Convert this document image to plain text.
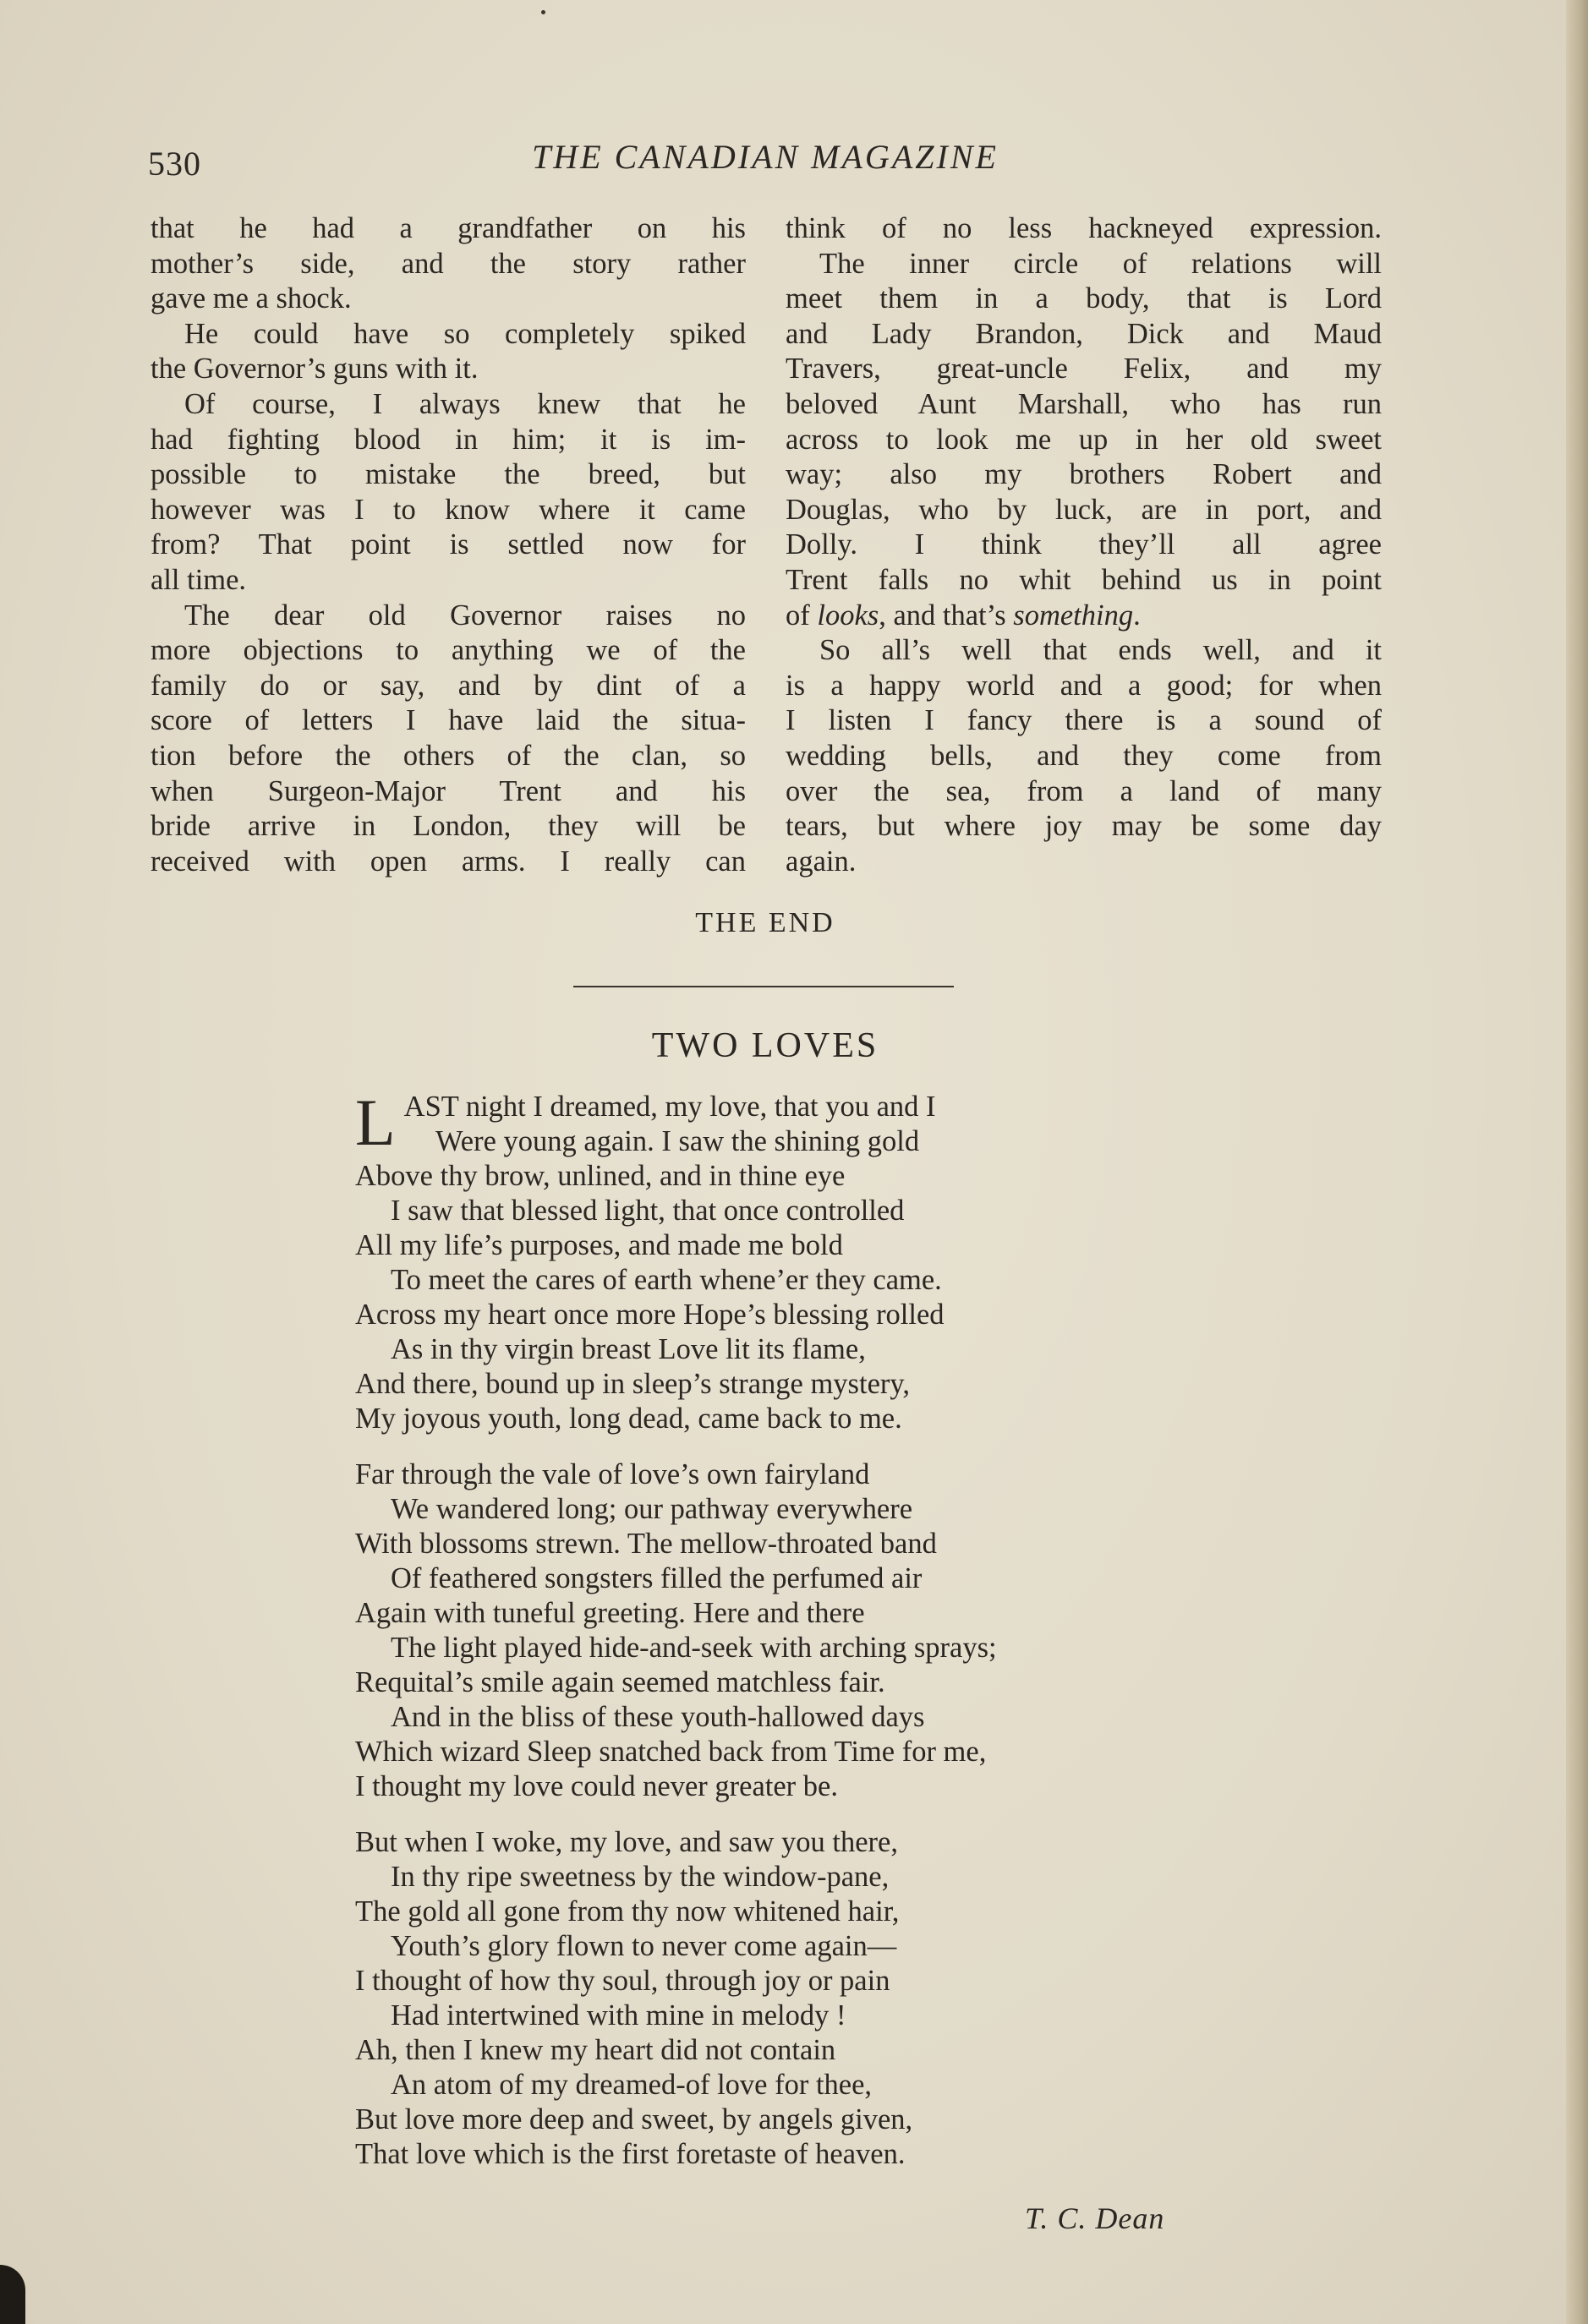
530	THE CANADIAN MAGAZINE
that he had a grandfather on his
mother’s side, and the story rather
gave me a shock.
He could have so completely spiked
the Governor’s guns with it.
Of course, I always knew that he
had fighting blood in him; it is im-
possible to mistake the breed, but
however was I to know where it came
from? That point is settled now for
all time.
The dear old Governor raises no
more objections to anything we of the
family do or say, and by dint of a
score of letters I have laid the situa-
tion before the others of the clan, so
when Surgeon-Major Trent and his
bride arrive in London, they will be
received with open arms. I really can
think of no less hackneyed expression.
The inner circle of relations will
meet them in a body, that is Lord
and Lady Brandon, Dick and Maud
Travers, great-uncle Felix, and my
beloved Aunt Marshall, who has run
across to look me up in her old sweet
way; also my brothers Robert and
Douglas, who by luck, are in port, and
Dolly. I think they’ll all agree
Trent falls no whit behind us in point
of looks, and that’s something.
So all’s well that ends well, and it
is a happy world and a good; for when
I listen I fancy there is a sound of
wedding bells, and they come from
over the sea, from a land of many
tears, but where joy may be some day
again.
THE END
TWO LOVES
L AST night I dreamed, my love, that you and I
Were young again. I saw the shining gold
Above thy brow, unlined, and in thine eye
I saw that blessed light, that once controlled
All my life’s purposes, and made me bold
To meet the cares of earth whene’er they came.
Across my heart once more Hope’s blessing rolled
As in thy virgin breast Love lit its flame,
And there, bound up in sleep’s strange mystery,
My joyous youth, long dead, came back to me.
Far through the vale of love’s own fairyland
We wandered long; our pathway everywhere
With blossoms strewn. The mellow-throated band
Of feathered songsters filled the perfumed air
Again with tuneful greeting. Here and there
The light played hide-and-seek with arching sprays;
Requital’s smile again seemed matchless fair.
And in the bliss of these youth-hallowed days
Which wizard Sleep snatched back from Time for me,
I thought my love could never greater be.
But when I woke, my love, and saw you there,
In thy ripe sweetness by the window-pane,
The gold all gone from thy now whitened hair,
Youth’s glory flown to never come again—
I thought of how thy soul, through joy or pain
Had intertwined with mine in melody !
Ah, then I knew my heart did not contain
An atom of my dreamed-of love for thee,
But love more deep and sweet, by angels given,
That love which is the first foretaste of heaven.
T. C. Dean
